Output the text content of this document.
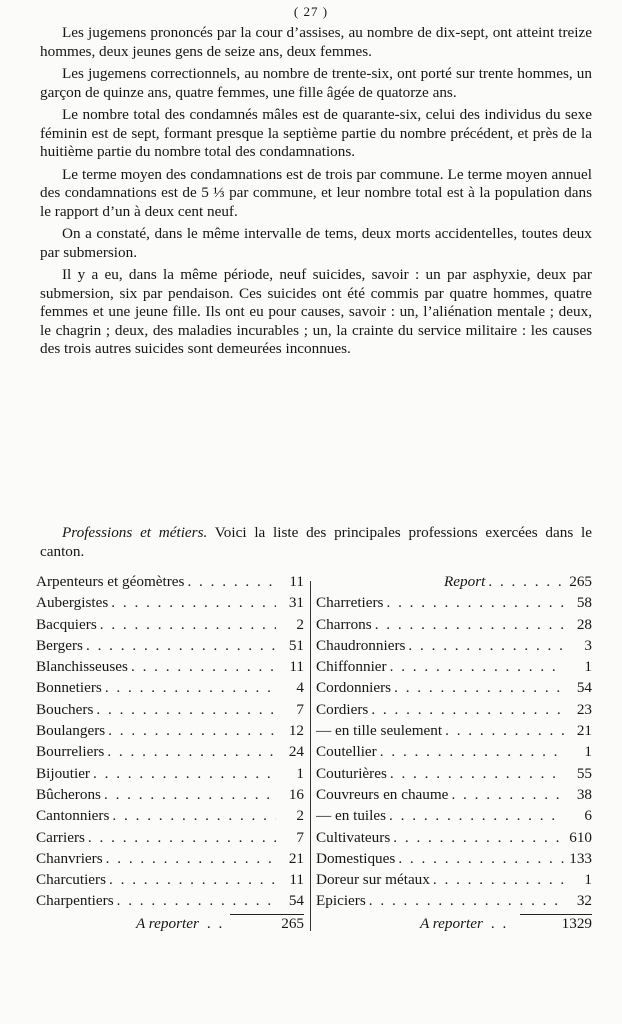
( 27 )

Les jugemens prononcés par la cour d’assises, au nombre de dix-sept, ont atteint treize hommes, deux jeunes gens de seize ans, deux femmes.

Les jugemens correctionnels, au nombre de trente-six, ont porté sur trente hommes, un garçon de quinze ans, quatre femmes, une fille âgée de quatorze ans.

Le nombre total des condamnés mâles est de quarante-six, celui des individus du sexe féminin est de sept, formant presque la septième partie du nombre précédent, et près de la huitième partie du nombre total des condamnations.

Le terme moyen des condamnations est de trois par commune. Le terme moyen annuel des condamnations est de 5 ⅓ par commune, et leur nombre total est à la population dans le rapport d’un à deux cent neuf.

On a constaté, dans le même intervalle de tems, deux morts accidentelles, toutes deux par submersion.

Il y a eu, dans la même période, neuf suicides, savoir : un par asphyxie, deux par submersion, six par pendaison. Ces suicides ont été commis par quatre hommes, quatre femmes et une jeune fille. Ils ont eu pour causes, savoir : un, l’aliénation mentale ; deux, le chagrin ; deux, des maladies incurables ; un, la crainte du service militaire : les causes des trois autres suicides sont demeurées inconnues.

Professions et métiers. Voici la liste des principales professions exercées dans le canton.
Arpenteurs et géomètres . . .	11
Aubergistes . . .	31
Bacquiers . . .	2
Bergers . . .	51
Blanchisseuses . . .	11
Bonnetiers . . .	4
Bouchers . . .	7
Boulangers . . .	12
Bourreliers . . .	24
Bijoutier . . .	1
Bûcherons . . .	16
Cantonniers . . .	2
Carriers . . .	7
Chanvriers . . .	21
Charcutiers . . .	11
Charpentiers . . .	54
A reporter . .	265
Report . . .	265
Charretiers . . .	58
Charrons . . .	28
Chaudronniers . . .	3
Chiffonnier . . .	1
Cordonniers . . .	54
Cordiers . . .	23
— en tille seulement . . .	21
Coutellier . . .	1
Couturières . . .	55
Couvreurs en chaume . . .	38
— en tuiles . . .	6
Cultivateurs . . .	610
Domestiques . . .	133
Doreur sur métaux . . .	1
Epiciers . . .	32
A reporter . .	1329
